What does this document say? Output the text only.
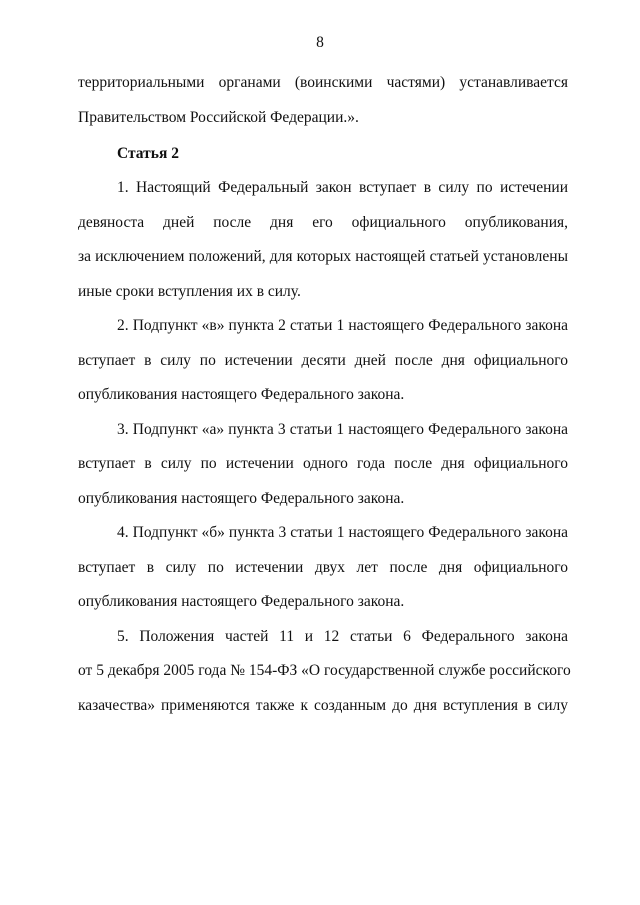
8
территориальными органами (воинскими частями) устанавливается
Правительством Российской Федерации.».
Статья 2
1. Настоящий Федеральный закон вступает в силу по истечении
девяноста дней после дня его официального опубликования,
за исключением положений, для которых настоящей статьей установлены
иные сроки вступления их в силу.
2. Подпункт «в» пункта 2 статьи 1 настоящего Федерального закона
вступает в силу по истечении десяти дней после дня официального
опубликования настоящего Федерального закона.
3. Подпункт «а» пункта 3 статьи 1 настоящего Федерального закона
вступает в силу по истечении одного года после дня официального
опубликования настоящего Федерального закона.
4. Подпункт «б» пункта 3 статьи 1 настоящего Федерального закона
вступает в силу по истечении двух лет после дня официального
опубликования настоящего Федерального закона.
5. Положения частей 11 и 12 статьи 6 Федерального закона
от 5 декабря 2005 года № 154-ФЗ «О государственной службе российского
казачества» применяются также к созданным до дня вступления в силу
